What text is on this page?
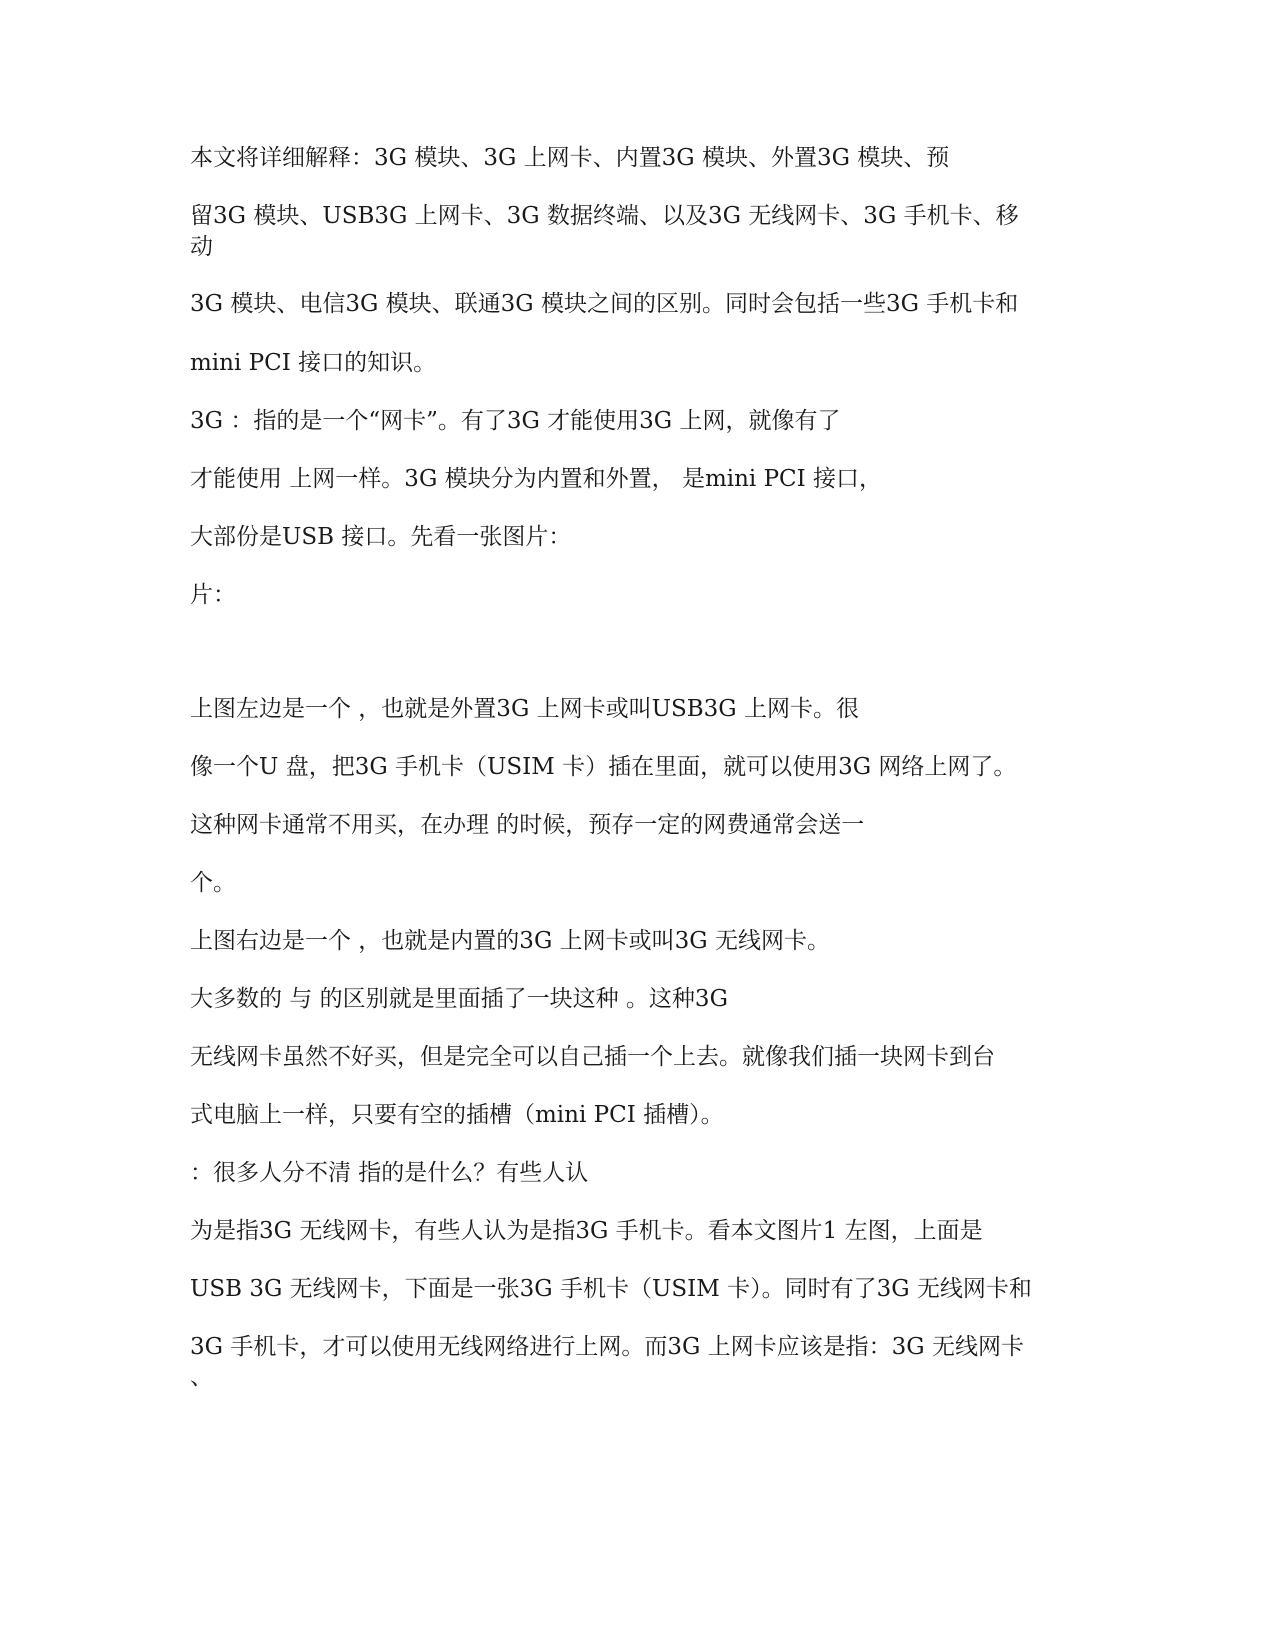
本文将详细解释：3G 模块、3G 上网卡、内置3G 模块、外置3G 模块、预
留3G 模块、USB3G 上网卡、3G 数据终端、以及3G 无线网卡、3G 手机卡、移
动
3G 模块、电信3G 模块、联通3G 模块之间的区别。同时会包括一些3G 手机卡和
mini PCI 接口的知识。
3G ：指的是一个“网卡”。有了3G 才能使用3G 上网，就像有了
才能使用 上网一样。3G 模块分为内置和外置， 是mini PCI 接口，
大部份是USB 接口。先看一张图片：
片：
上图左边是一个 ，也就是外置3G 上网卡或叫USB3G 上网卡。很
像一个U 盘，把3G 手机卡（USIM 卡）插在里面，就可以使用3G 网络上网了。
这种网卡通常不用买，在办理 的时候，预存一定的网费通常会送一
个。
上图右边是一个 ，也就是内置的3G 上网卡或叫3G 无线网卡。
大多数的 与 的区别就是里面插了一块这种 。这种3G
无线网卡虽然不好买，但是完全可以自己插一个上去。就像我们插一块网卡到台
式电脑上一样，只要有空的插槽（mini PCI 插槽）。
：很多人分不清 指的是什么？有些人认
为是指3G 无线网卡，有些人认为是指3G 手机卡。看本文图片1 左图，上面是
USB 3G 无线网卡，下面是一张3G 手机卡（USIM 卡）。同时有了3G 无线网卡和
3G 手机卡，才可以使用无线网络进行上网。而3G 上网卡应该是指：3G 无线网卡
、
